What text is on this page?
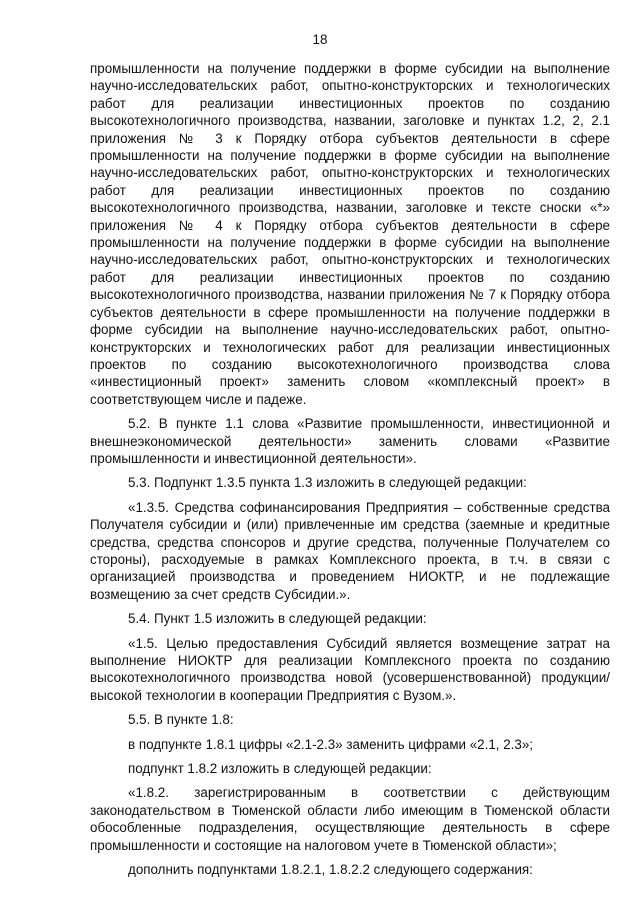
18

промышленности на получение поддержки в форме субсидии на выполнение научно-исследовательских работ, опытно-конструкторских и технологических работ для реализации инвестиционных проектов по созданию высокотехнологичного производства, названии, заголовке и пунктах 1.2, 2, 2.1 приложения № 3 к Порядку отбора субъектов деятельности в сфере промышленности на получение поддержки в форме субсидии на выполнение научно-исследовательских работ, опытно-конструкторских и технологических работ для реализации инвестиционных проектов по созданию высокотехнологичного производства, названии, заголовке и тексте сноски «*» приложения № 4 к Порядку отбора субъектов деятельности в сфере промышленности на получение поддержки в форме субсидии на выполнение научно-исследовательских работ, опытно-конструкторских и технологических работ для реализации инвестиционных проектов по созданию высокотехнологичного производства, названии приложения № 7 к Порядку отбора субъектов деятельности в сфере промышленности на получение поддержки в форме субсидии на выполнение научно-исследовательских работ, опытно-конструкторских и технологических работ для реализации инвестиционных проектов по созданию высокотехнологичного производства слова «инвестиционный проект» заменить словом «комплексный проект» в соответствующем числе и падеже.

5.2. В пункте 1.1 слова «Развитие промышленности, инвестиционной и внешнеэкономической деятельности» заменить словами «Развитие промышленности и инвестиционной деятельности».

5.3. Подпункт 1.3.5 пункта 1.3 изложить в следующей редакции:

«1.3.5. Средства софинансирования Предприятия – собственные средства Получателя субсидии и (или) привлеченные им средства (заемные и кредитные средства, средства спонсоров и другие средства, полученные Получателем со стороны), расходуемые в рамках Комплексного проекта, в т.ч. в связи с организацией производства и проведением НИОКТР, и не подлежащие возмещению за счет средств Субсидии.».

5.4. Пункт 1.5 изложить в следующей редакции:

«1.5. Целью предоставления Субсидий является возмещение затрат на выполнение НИОКТР для реализации Комплексного проекта по созданию высокотехнологичного производства новой (усовершенствованной) продукции/высокой технологии в кооперации Предприятия с Вузом.».

5.5. В пункте 1.8:

в подпункте 1.8.1 цифры «2.1-2.3» заменить цифрами «2.1, 2.3»;

подпункт 1.8.2 изложить в следующей редакции:

«1.8.2. зарегистрированным в соответствии с действующим законодательством в Тюменской области либо имеющим в Тюменской области обособленные подразделения, осуществляющие деятельность в сфере промышленности и состоящие на налоговом учете в Тюменской области»;

дополнить подпунктами 1.8.2.1, 1.8.2.2 следующего содержания:
